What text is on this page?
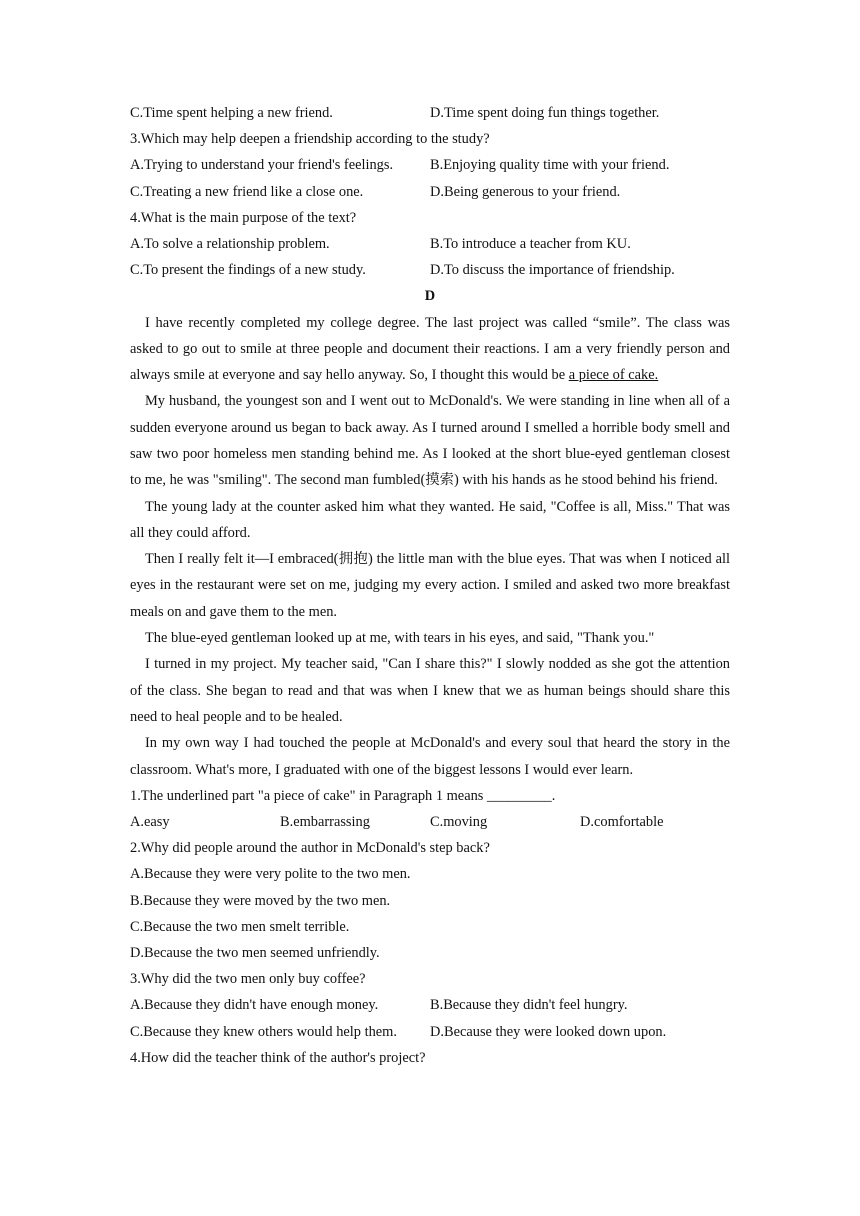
C.Time spent helping a new friend.	D.Time spent doing fun things together.
3.Which may help deepen a friendship according to the study?
A.Trying to understand your friend's feelings.	B.Enjoying quality time with your friend.
C.Treating a new friend like a close one.	D.Being generous to your friend.
4.What is the main purpose of the text?
A.To solve a relationship problem.	B.To introduce a teacher from KU.
C.To present the findings of a new study.	D.To discuss the importance of friendship.
D

I have recently completed my college degree. The last project was called “smile”. The class was asked to go out to smile at three people and document their reactions. I am a very friendly person and always smile at everyone and say hello anyway. So, I thought this would be a piece of cake.

My husband, the youngest son and I went out to McDonald's. We were standing in line when all of a sudden everyone around us began to back away. As I turned around I smelled a horrible body smell and saw two poor homeless men standing behind me. As I looked at the short blue-eyed gentleman closest to me, he was "smiling". The second man fumbled(摸索) with his hands as he stood behind his friend.

The young lady at the counter asked him what they wanted. He said, "Coffee is all, Miss." That was all they could afford.

Then I really felt it—I embraced(拥抱) the little man with the blue eyes. That was when I noticed all eyes in the restaurant were set on me, judging my every action. I smiled and asked two more breakfast meals on and gave them to the men.

The blue-eyed gentleman looked up at me, with tears in his eyes, and said, "Thank you."

I turned in my project. My teacher said, "Can I share this?" I slowly nodded as she got the attention of the class. She began to read and that was when I knew that we as human beings should share this need to heal people and to be healed.

In my own way I had touched the people at McDonald's and every soul that heard the story in the classroom. What's more, I graduated with one of the biggest lessons I would ever learn.

1.The underlined part "a piece of cake" in Paragraph 1 means _________.
A.easy	B.embarrassing	C.moving	D.comfortable
2.Why did people around the author in McDonald's step back?
A.Because they were very polite to the two men.
B.Because they were moved by the two men.
C.Because the two men smelt terrible.
D.Because the two men seemed unfriendly.
3.Why did the two men only buy coffee?
A.Because they didn't have enough money.	B.Because they didn't feel hungry.
C.Because they knew others would help them.	D.Because they were looked down upon.
4.How did the teacher think of the author's project?
